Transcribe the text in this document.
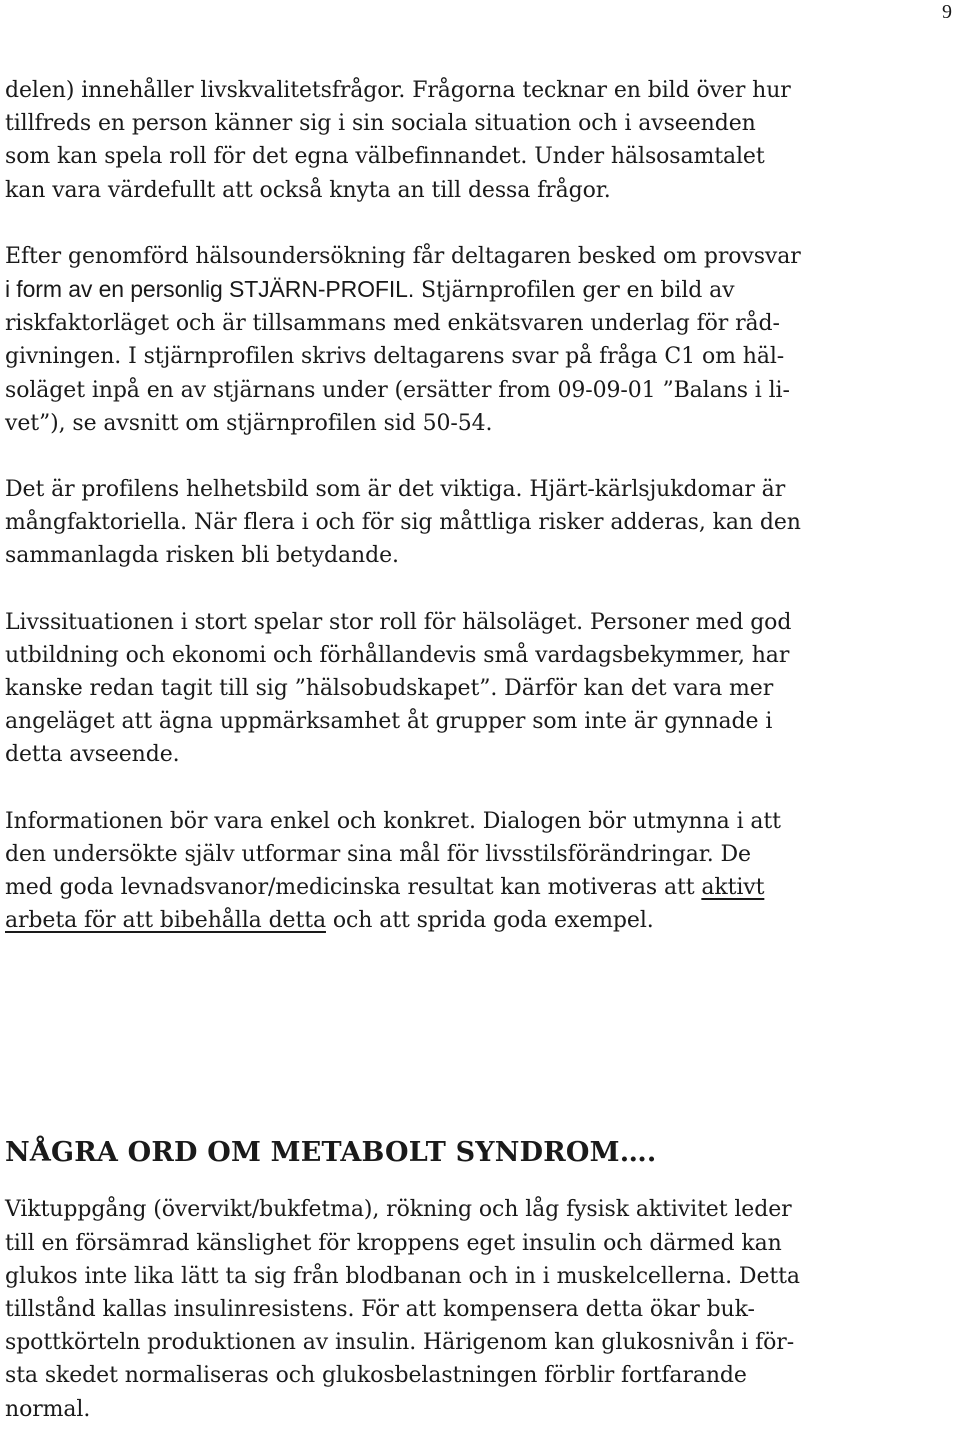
9

delen) innehåller livskvalitetsfrågor. Frågorna tecknar en bild över hur
tillfreds en person känner sig i sin sociala situation och i avseenden
som kan spela roll för det egna välbefinnandet. Under hälsosamtalet
kan vara värdefullt att också knyta an till dessa frågor.

Efter genomförd hälsoundersökning får deltagaren besked om provsvar
i form av en personlig STJÄRN-PROFIL. Stjärnprofilen ger en bild av
riskfaktorläget och är tillsammans med enkätsvaren underlag för råd-
givningen. I stjärnprofilen skrivs deltagarens svar på fråga C1 om häl-
soläget inpå en av stjärnans under (ersätter from 09-09-01 ”Balans i li-
vet”), se avsnitt om stjärnprofilen sid 50-54.

Det är profilens helhetsbild som är det viktiga. Hjärt-kärlsjukdomar är
mångfaktoriella. När flera i och för sig måttliga risker adderas, kan den
sammanlagda risken bli betydande.

Livssituationen i stort spelar stor roll för hälsoläget. Personer med god
utbildning och ekonomi och förhållandevis små vardagsbekymmer, har
kanske redan tagit till sig ”hälsobudskapet”. Därför kan det vara mer
angeläget att ägna uppmärksamhet åt grupper som inte är gynnade i
detta avseende.

Informationen bör vara enkel och konkret. Dialogen bör utmynna i att
den undersökte själv utformar sina mål för livsstilsförändringar. De
med goda levnadsvanor/medicinska resultat kan motiveras att aktivt
arbeta för att bibehålla detta och att sprida goda exempel.

NÅGRA ORD OM METABOLT SYNDROM….

Viktuppgång (övervikt/bukfetma), rökning och låg fysisk aktivitet leder
till en försämrad känslighet för kroppens eget insulin och därmed kan
glukos inte lika lätt ta sig från blodbanan och in i muskelcellerna. Detta
tillstånd kallas insulinresistens. För att kompensera detta ökar buk-
spottkörteln produktionen av insulin. Härigenom kan glukosnivån i för-
sta skedet normaliseras och glukosbelastningen förblir fortfarande
normal.
